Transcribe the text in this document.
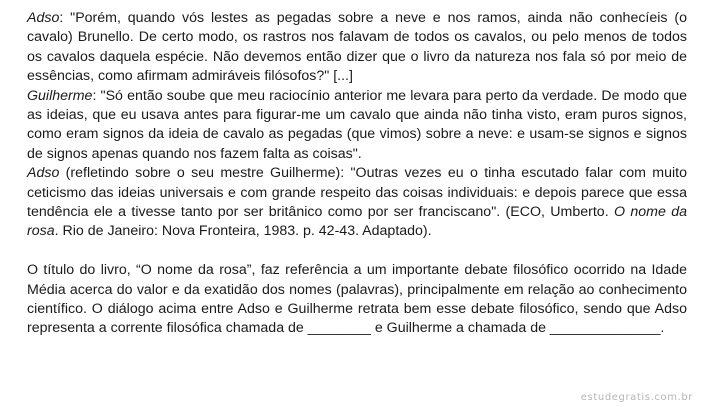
Adso: "Porém, quando vós lestes as pegadas sobre a neve e nos ramos, ainda não conhecíeis (o cavalo) Brunello. De certo modo, os rastros nos falavam de todos os cavalos, ou pelo menos de todos os cavalos daquela espécie. Não devemos então dizer que o livro da natureza nos fala só por meio de essências, como afirmam admiráveis filósofos?" [...]

Guilherme: "Só então soube que meu raciocínio anterior me levara para perto da verdade. De modo que as ideias, que eu usava antes para figurar-me um cavalo que ainda não tinha visto, eram puros signos, como eram signos da ideia de cavalo as pegadas (que vimos) sobre a neve: e usam-se signos e signos de signos apenas quando nos fazem falta as coisas".

Adso (refletindo sobre o seu mestre Guilherme): "Outras vezes eu o tinha escutado falar com muito ceticismo das ideias universais e com grande respeito das coisas individuais: e depois parece que essa tendência ele a tivesse tanto por ser britânico como por ser franciscano". (ECO, Umberto. O nome da rosa. Rio de Janeiro: Nova Fronteira, 1983. p. 42-43. Adaptado).

O título do livro, “O nome da rosa”, faz referência a um importante debate filosófico ocorrido na Idade Média acerca do valor e da exatidão dos nomes (palavras), principalmente em relação ao conhecimento científico. O diálogo acima entre Adso e Guilherme retrata bem esse debate filosófico, sendo que Adso representa a corrente filosófica chamada de ________ e Guilherme a chamada de ______________.

estudegratis.com.br
